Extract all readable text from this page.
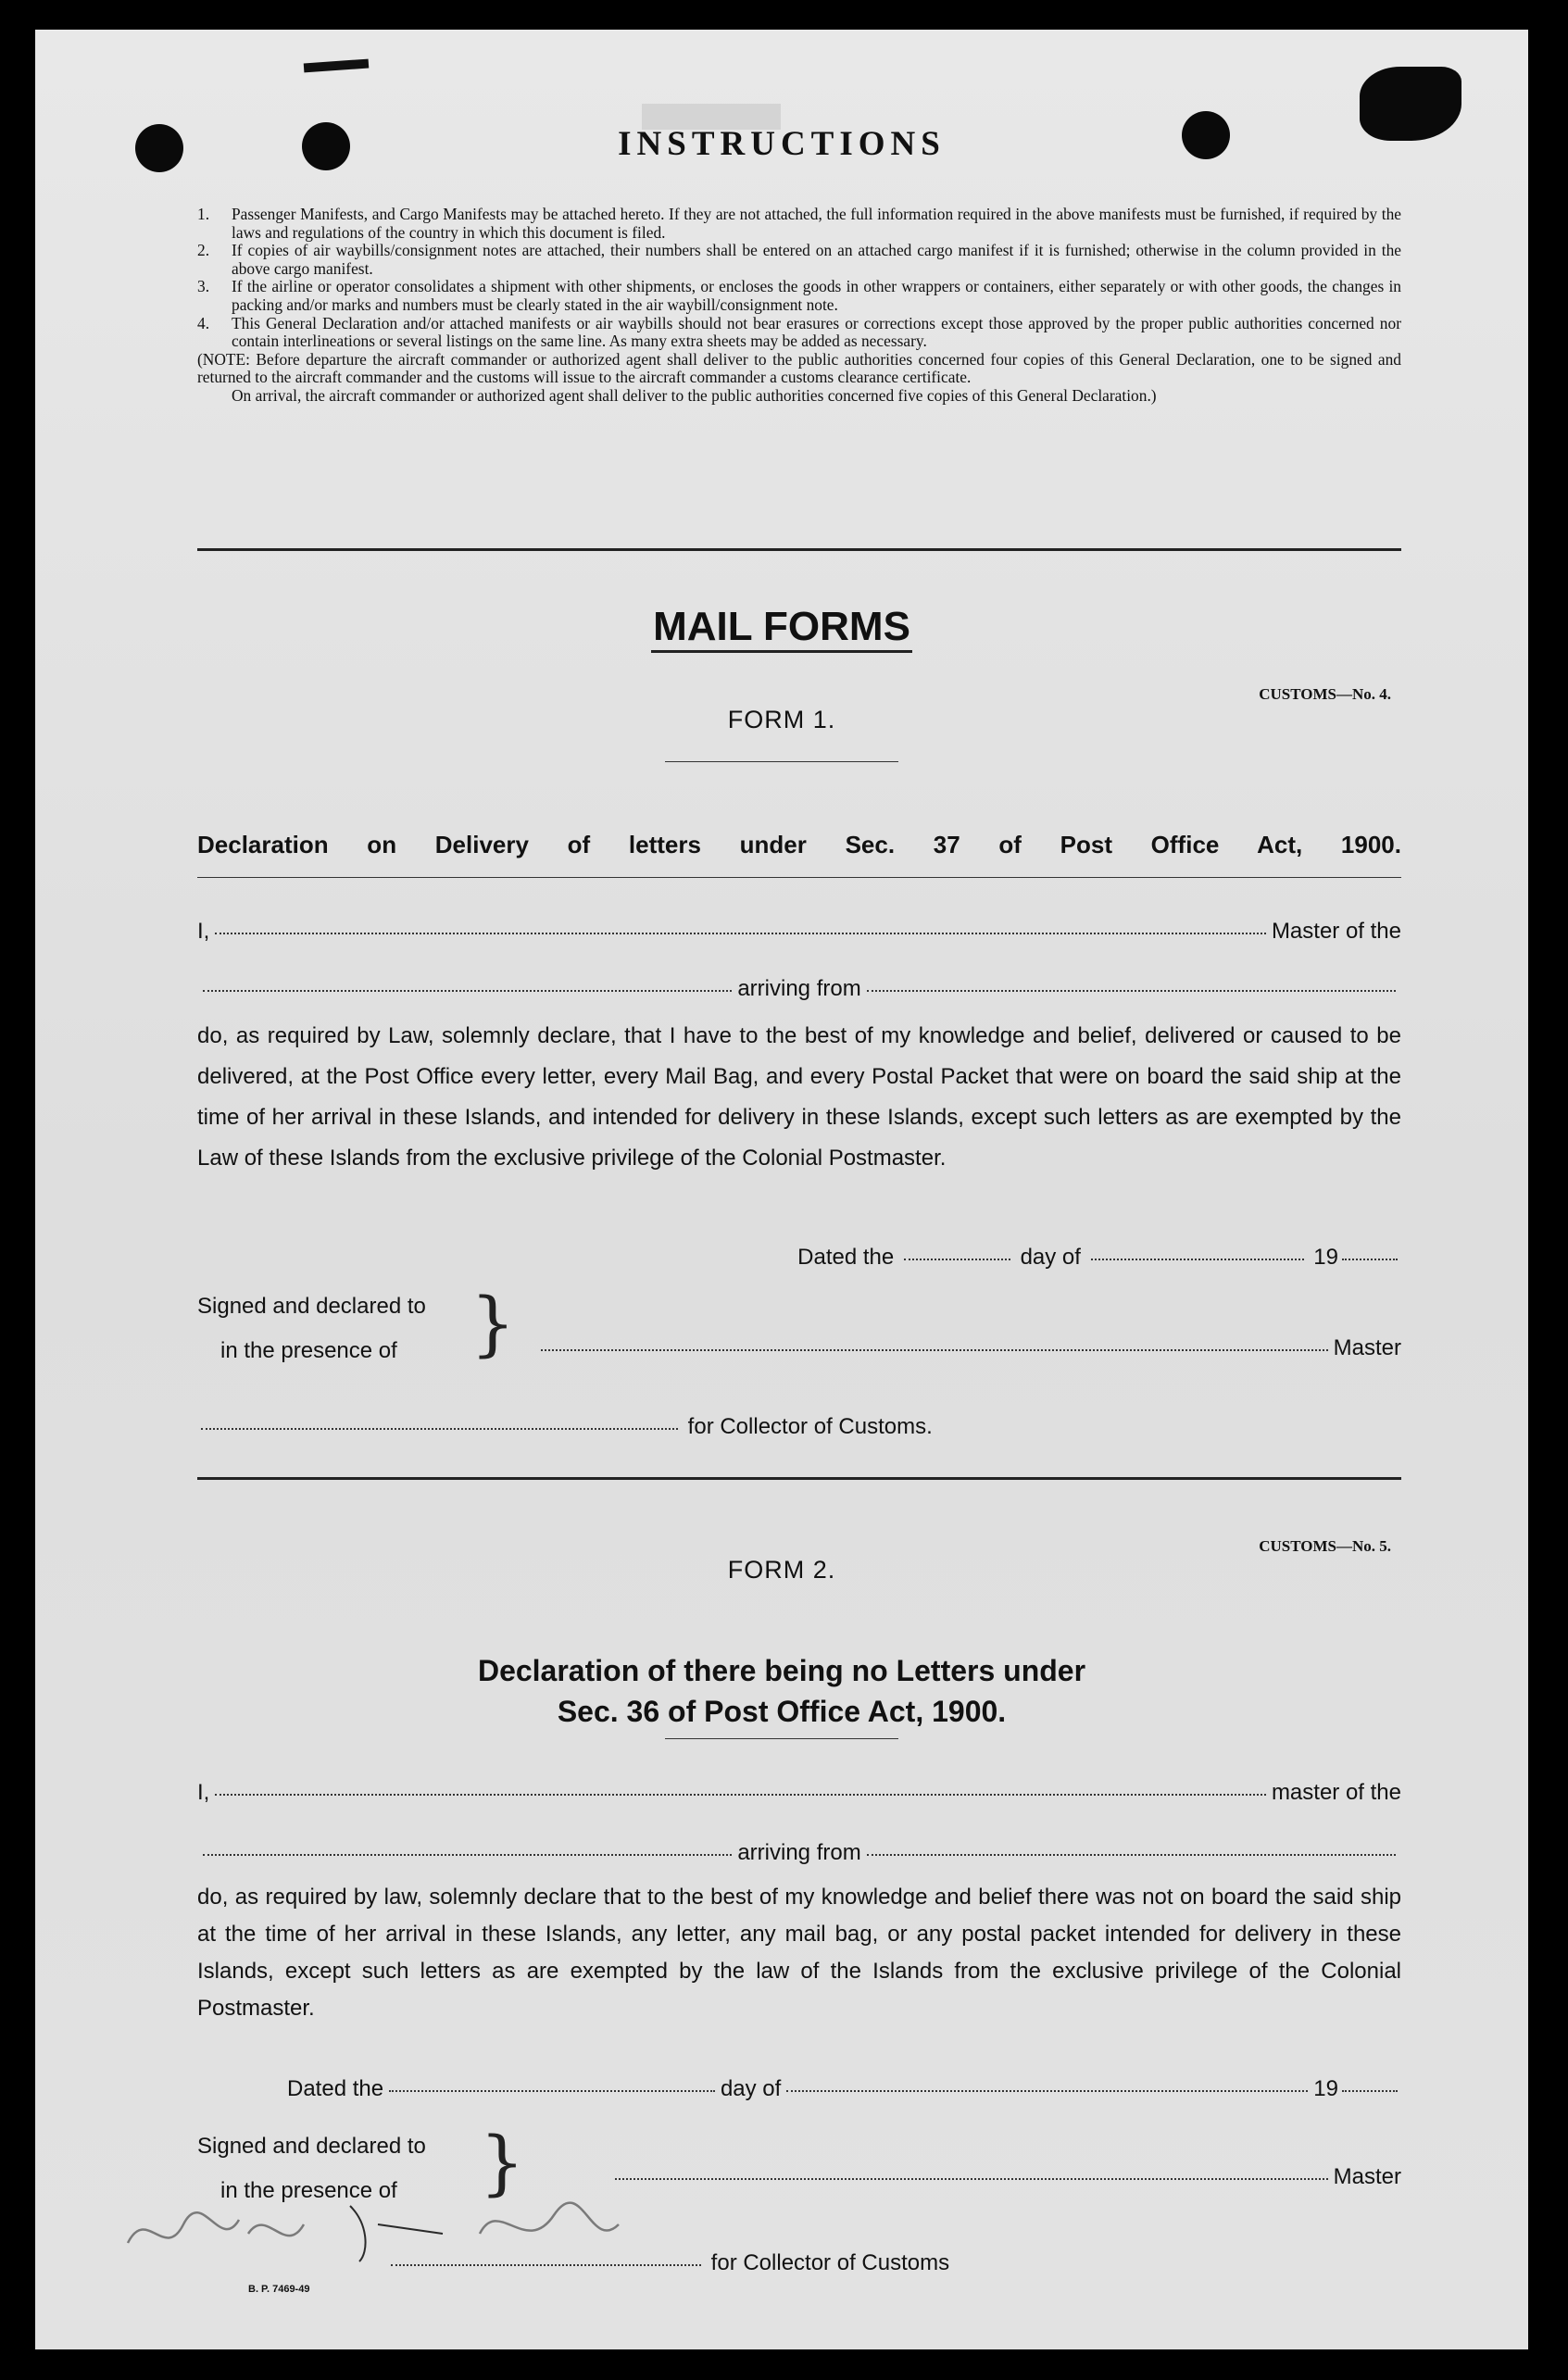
INSTRUCTIONS
1.	Passenger Manifests, and Cargo Manifests may be attached hereto. If they are not attached, the full information required in the above manifests must be furnished, if required by the laws and regulations of the country in which this document is filed.
2.	If copies of air waybills/consignment notes are attached, their numbers shall be entered on an attached cargo manifest if it is furnished; otherwise in the column provided in the above cargo manifest.
3.	If the airline or operator consolidates a shipment with other shipments, or encloses the goods in other wrappers or containers, either separately or with other goods, the changes in packing and/or marks and numbers must be clearly stated in the air waybill/consignment note.
4.	This General Declaration and/or attached manifests or air waybills should not bear erasures or corrections except those approved by the proper public authorities concerned nor contain interlineations or several listings on the same line. As many extra sheets may be added as necessary.
(NOTE: Before departure the aircraft commander or authorized agent shall deliver to the public authorities concerned four copies of this General Declaration, one to be signed and returned to the aircraft commander and the customs will issue to the aircraft commander a customs clearance certificate.
On arrival, the aircraft commander or authorized agent shall deliver to the public authorities concerned five copies of this General Declaration.)
MAIL FORMS
CUSTOMS—No. 4.
FORM 1.
Declaration on Delivery of letters under Sec. 37 of Post Office Act, 1900.
I,	Master of the
arriving from
do, as required by Law, solemnly declare, that I have to the best of my knowledge and belief, delivered or caused to be delivered, at the Post Office every letter, every Mail Bag, and every Postal Packet that were on board the said ship at the time of her arrival in these Islands, and intended for delivery in these Islands, except such letters as are exempted by the Law of these Islands from the exclusive privilege of the Colonial Postmaster.
Dated the	day of	19
Signed and declared to
in the presence of	}	Master
for Collector of Customs.
CUSTOMS—No. 5.
FORM 2.
Declaration of there being no Letters under
Sec. 36 of Post Office Act, 1900.
I,	master of the
arriving from
do, as required by law, solemnly declare that to the best of my knowledge and belief there was not on board the said ship at the time of her arrival in these Islands, any letter, any mail bag, or any postal packet intended for delivery in these Islands, except such letters as are exempted by the law of the Islands from the exclusive privilege of the Colonial Postmaster.
Dated the	day of	19
Signed and declared to
in the presence of	}	Master
for Collector of Customs
B. P. 7469-49
